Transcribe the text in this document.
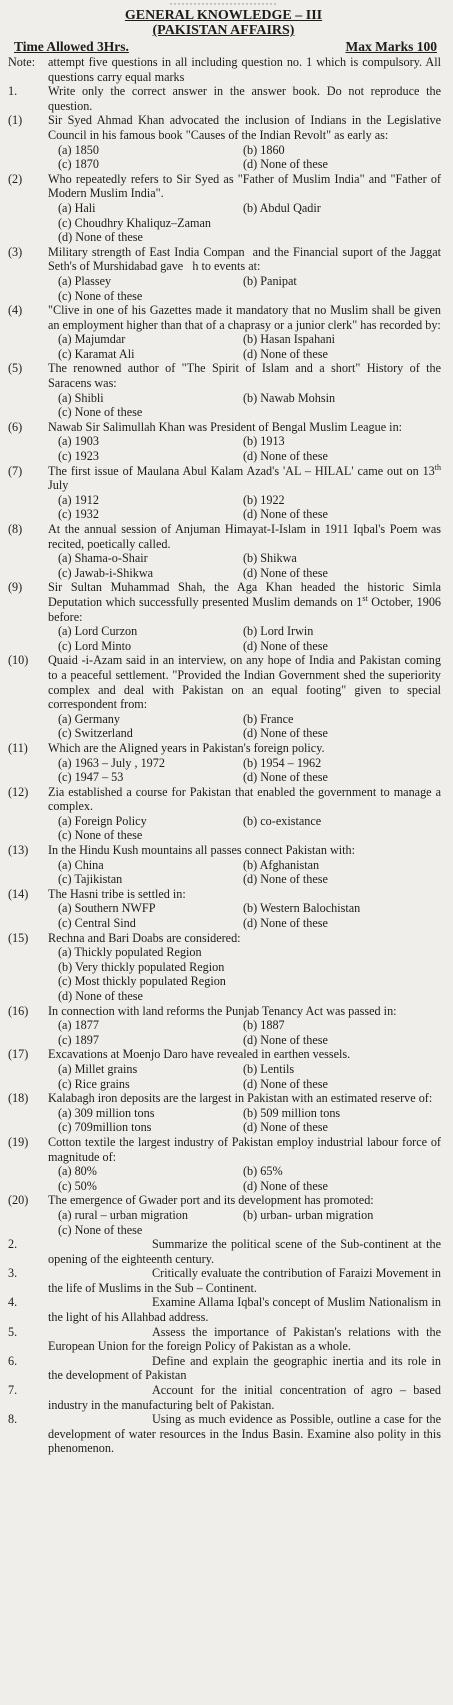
···························
GENERAL KNOWLEDGE – III
(PAKISTAN AFFAIRS)
Time Allowed 3Hrs.	Max Marks 100
Note:	attempt five questions in all including question no. 1 which is compulsory. All questions carry equal marks
1.	Write only the correct answer in the answer book. Do not reproduce the question.
(1)	Sir Syed Ahmad Khan advocated the inclusion of Indians in the Legislative Council in his famous book "Causes of the Indian Revolt" as early as:
(a) 1850	(b) 1860
(c) 1870	(d) None of these
(2)	Who repeatedly refers to Sir Syed as "Father of Muslim India" and "Father of Modern Muslim India".
(a) Hali	(b) Abdul Qadir
(c) Choudhry Khaliquz–Zaman
(d) None of these
(3)	Military strength of East India Compan  and the Financial suport of the Jaggat Seth's of Murshidabad gave   h to events at:
(a) Plassey	(b) Panipat
(c) None of these
(4)	"Clive in one of his Gazettes made it mandatory that no Muslim shall be given an employment higher than that of a chaprasy or a junior clerk" has recorded by:
(a) Majumdar	(b) Hasan Ispahani
(c) Karamat Ali	(d) None of these
(5)	The renowned author of "The Spirit of Islam and a short" History of the Saracens was:
(a) Shibli	(b) Nawab Mohsin
(c) None of these
(6)	Nawab Sir Salimullah Khan was President of Bengal Muslim League in:
(a) 1903	(b) 1913
(c) 1923	(d) None of these
(7)	The first issue of Maulana Abul Kalam Azad's 'AL – HILAL' came out on 13th July
(a) 1912	(b) 1922
(c) 1932	(d) None of these
(8)	At the annual session of Anjuman Himayat-I-Islam in 1911 Iqbal's Poem was recited, poetically called.
(a) Shama-o-Shair	(b) Shikwa
(c) Jawab-i-Shikwa	(d) None of these
(9)	Sir Sultan Muhammad Shah, the Aga Khan headed the historic Simla Deputation which successfully presented Muslim demands on 1st October, 1906 before:
(a) Lord Curzon	(b) Lord Irwin
(c) Lord Minto	(d) None of these
(10)	Quaid -i-Azam said in an interview, on any hope of India and Pakistan coming to a peaceful settlement. "Provided the Indian Government shed the superiority complex and deal with Pakistan on an equal footing" given to special correspondent from:
(a) Germany	(b) France
(c) Switzerland	(d) None of these
(11)	Which are the Aligned years in Pakistan's foreign policy.
(a) 1963 – July , 1972	(b) 1954 – 1962
(c) 1947 – 53	(d) None of these
(12)	Zia established a course for Pakistan that enabled the government to manage a complex.
(a) Foreign Policy	(b) co-existance
(c) None of these
(13)	In the Hindu Kush mountains all passes connect Pakistan with:
(a) China	(b) Afghanistan
(c) Tajikistan	(d) None of these
(14)	The Hasni tribe is settled in:
(a) Southern NWFP	(b) Western Balochistan
(c) Central Sind	(d) None of these
(15)	Rechna and Bari Doabs are considered:
(a) Thickly populated Region
(b) Very thickly populated Region
(c) Most thickly populated Region
(d) None of these
(16)	In connection with land reforms the Punjab Tenancy Act was passed in:
(a) 1877	(b) 1887
(c) 1897	(d) None of these
(17)	Excavations at Moenjo Daro have revealed in earthen vessels.
(a) Millet grains	(b) Lentils
(c) Rice grains	(d) None of these
(18)	Kalabagh iron deposits are the largest in Pakistan with an estimated reserve of:
(a) 309 million tons	(b) 509 million tons
(c) 709million tons	(d) None of these
(19)	Cotton textile the largest industry of Pakistan employ industrial labour force of magnitude of:
(a) 80%	(b) 65%
(c) 50%	(d) None of these
(20)	The emergence of Gwader port and its development has promoted:
(a) rural – urban migration	(b) urban- urban migration
(c) None of these
2.	Summarize the political scene of the Sub-continent at the opening of the eighteenth century.
3.	Critically evaluate the contribution of Faraizi Movement in the life of Muslims in the Sub – Continent.
4.	Examine Allama Iqbal's concept of Muslim Nationalism in the light of his Allahbad address.
5.	Assess the importance of Pakistan's relations with the European Union for the foreign Policy of Pakistan as a whole.
6.	Define and explain the geographic inertia and its role in the development of Pakistan
7.	Account for the initial concentration of agro – based industry in the manufacturing belt of Pakistan.
8.	Using as much evidence as Possible, outline a case for the development of water resources in the Indus Basin. Examine also polity in this phenomenon.
